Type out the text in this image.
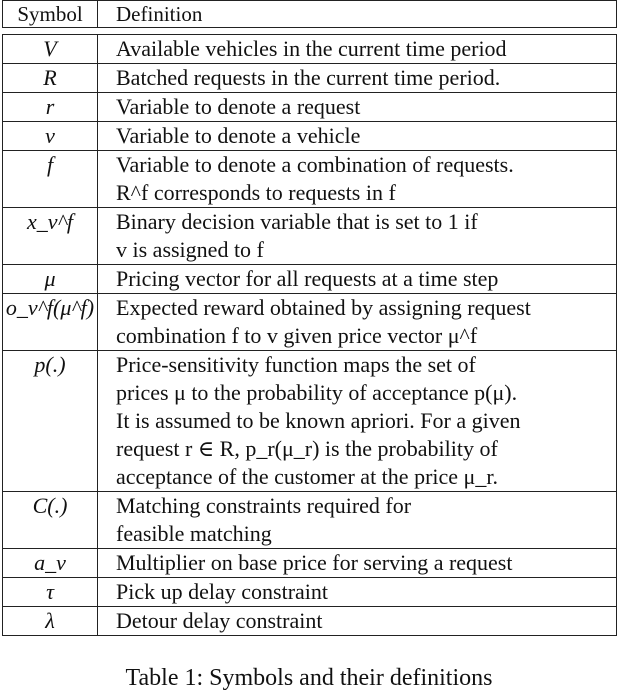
Symbol	Definition

V	Available vehicles in the current time period

R	Batched requests in the current time period.

r	Variable to denote a request

v	Variable to denote a vehicle

f	Variable to denote a combination of requests.
R^f corresponds to requests in f

x_v^f	Binary decision variable that is set to 1 if
v is assigned to f

μ	Pricing vector for all requests at a time step

o_v^f(μ^f)	Expected reward obtained by assigning request
combination f to v given price vector μ^f

p(.)	Price-sensitivity function maps the set of
prices μ to the probability of acceptance p(μ).
It is assumed to be known apriori. For a given
request r ∈ R, p_r(μ_r) is the probability of
acceptance of the customer at the price μ_r.

C(.)	Matching constraints required for
feasible matching

a_v	Multiplier on base price for serving a request

τ	Pick up delay constraint

λ	Detour delay constraint
Table 1: Symbols and their definitions
